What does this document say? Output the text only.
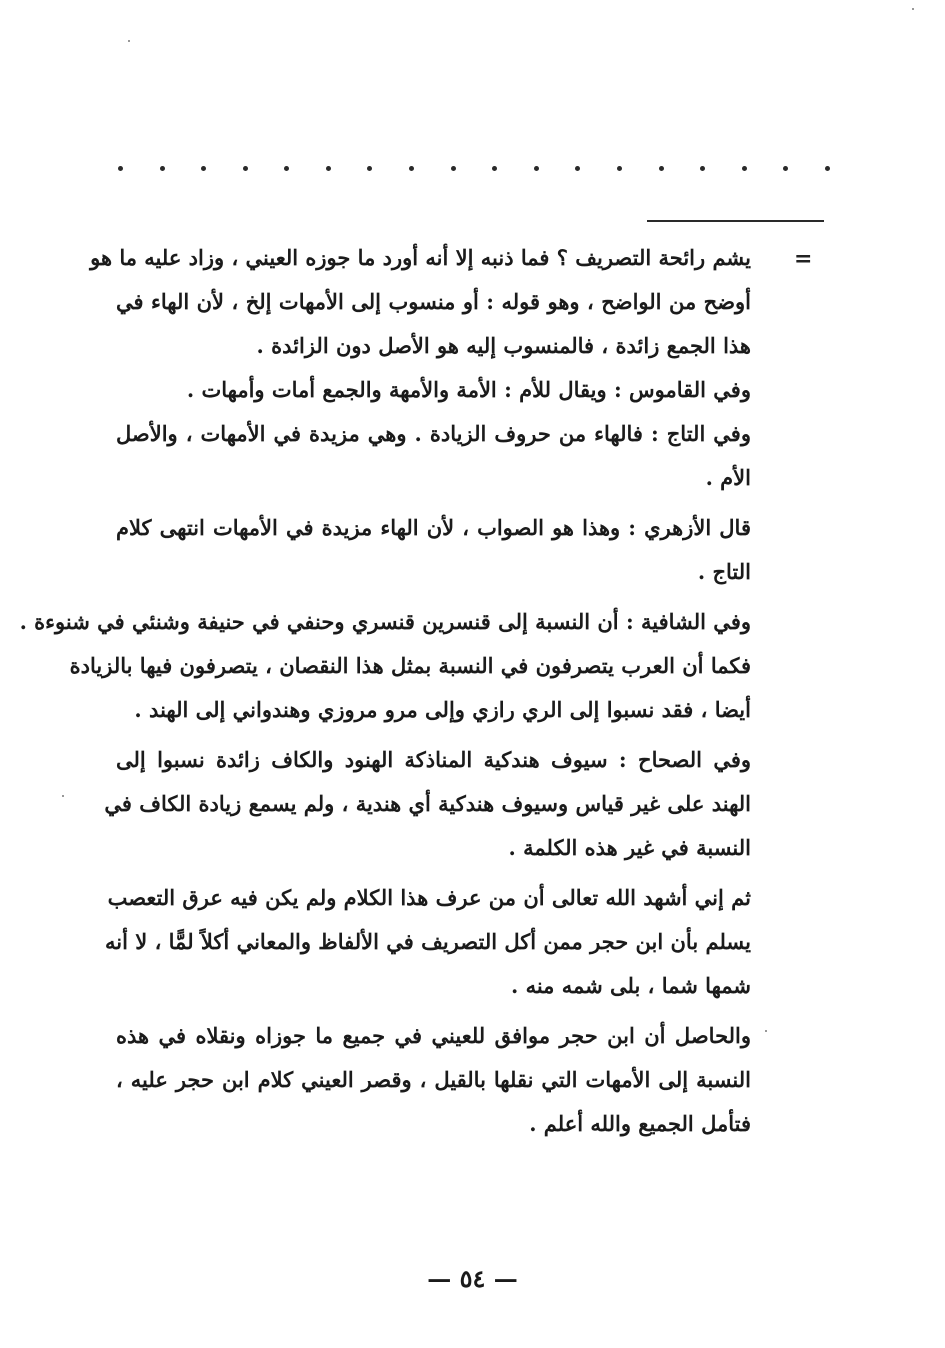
=
يشم رائحة التصريف ؟ فما ذنبه إلا أنه أورد ما جوزه العيني ، وزاد عليه ما هو
أوضح من الواضح ، وهو قوله : أو منسوب إلى الأمهات إلخ ، لأن الهاء في
هذا الجمع زائدة ، فالمنسوب إليه هو الأصل دون الزائدة .
وفي القاموس : ويقال للأم : الأمة والأمهة والجمع أمات وأمهات .
وفي التاج : فالهاء من حروف الزيادة . وهي مزيدة في الأمهات ، والأصل
الأم .
قال الأزهري : وهذا هو الصواب ، لأن الهاء مزيدة في الأمهات انتهى كلام
التاج .
وفي الشافية : أن النسبة إلى قنسرين قنسري وحنفي في حنيفة وشنئي في شنوءة .
فكما أن العرب يتصرفون في النسبة بمثل هذا النقصان ، يتصرفون فيها بالزيادة
أيضا ، فقد نسبوا إلى الري رازي وإلى مرو مروزي وهندواني إلى الهند .
وفي الصحاح : سيوف هندكية المناذكة الهنود والكاف زائدة نسبوا إلى
الهند على غير قياس وسيوف هندكية أي هندية ، ولم يسمع زيادة الكاف في
النسبة في غير هذه الكلمة .
ثم إني أشهد الله تعالى أن من عرف هذا الكلام ولم يكن فيه عرق التعصب
يسلم بأن ابن حجر ممن أكل التصريف في الألفاظ والمعاني أكلاً لمًّا ، لا أنه
شمها شما ، بلى شمه منه .
والحاصل أن ابن حجر موافق للعيني في جميع ما جوزاه ونقلاه في هذه
النسبة إلى الأمهات التي نقلها بالقيل ، وقصر العيني كلام ابن حجر عليه ،
فتأمل الجميع والله أعلم .
— ٥٤ —
